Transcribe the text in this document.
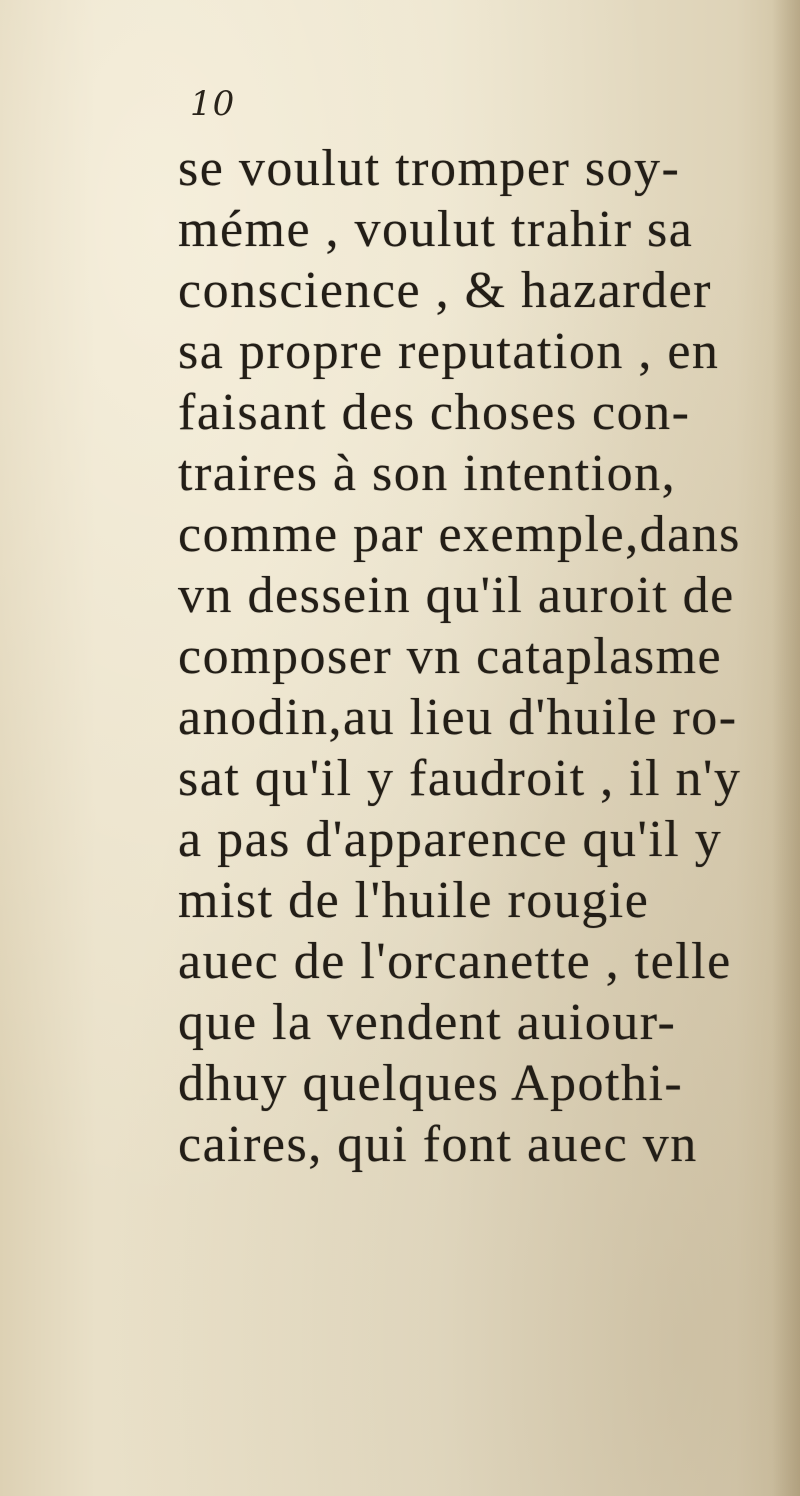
10
se voulut tromper soy-
méme , voulut trahir sa
conscience , & hazarder
sa propre reputation , en
faisant des choses con-
traires à son intention,
comme par exemple,dans
vn dessein qu'il auroit de
composer vn cataplasme
anodin,au lieu d'huile ro-
sat qu'il y faudroit , il n'y
a pas d'apparence qu'il y
mist de l'huile rougie
auec de l'orcanette , telle
que la vendent auiour-
dhuy quelques Apothi-
caires, qui font auec vn
